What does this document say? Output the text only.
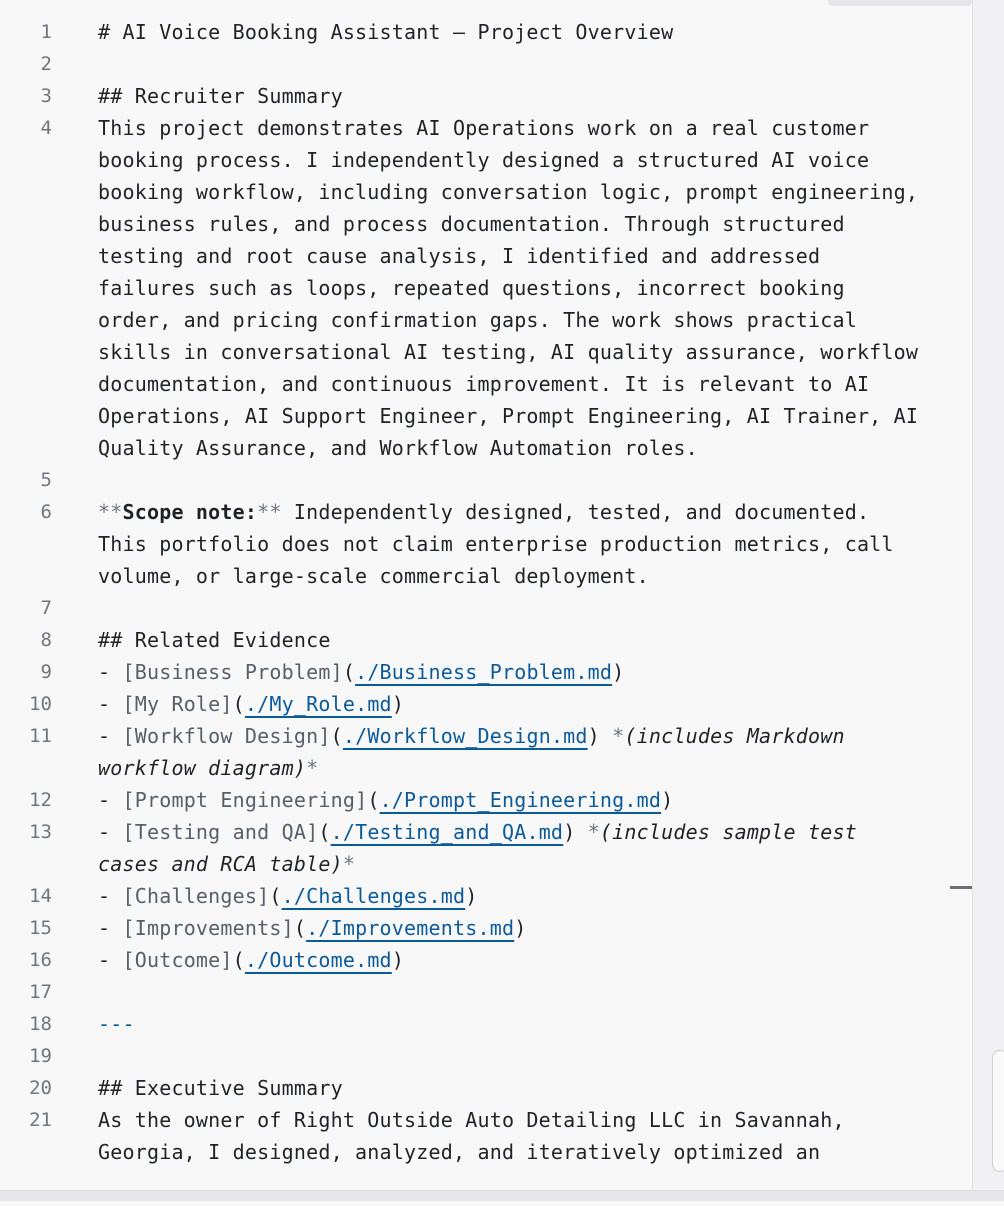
1 # AI Voice Booking Assistant — Project Overview
2
3 ## Recruiter Summary
4 This project demonstrates AI Operations work on a real customer booking process. I independently designed a structured AI voice booking workflow, including conversation logic, prompt engineering, business rules, and process documentation. Through structured testing and root cause analysis, I identified and addressed failures such as loops, repeated questions, incorrect booking order, and pricing confirmation gaps. The work shows practical skills in conversational AI testing, AI quality assurance, workflow documentation, and continuous improvement. It is relevant to AI Operations, AI Support Engineer, Prompt Engineering, AI Trainer, AI Quality Assurance, and Workflow Automation roles.
5
6 **Scope note:** Independently designed, tested, and documented. This portfolio does not claim enterprise production metrics, call volume, or large-scale commercial deployment.
7
8 ## Related Evidence
9 - [Business Problem](./Business_Problem.md)
10 - [My Role](./My_Role.md)
11 - [Workflow Design](./Workflow_Design.md) *(includes Markdown workflow diagram)*
12 - [Prompt Engineering](./Prompt_Engineering.md)
13 - [Testing and QA](./Testing_and_QA.md) *(includes sample test cases and RCA table)*
14 - [Challenges](./Challenges.md)
15 - [Improvements](./Improvements.md)
16 - [Outcome](./Outcome.md)
17
18 ---
19
20 ## Executive Summary
21 As the owner of Right Outside Auto Detailing LLC in Savannah, Georgia, I designed, analyzed, and iteratively optimized an
